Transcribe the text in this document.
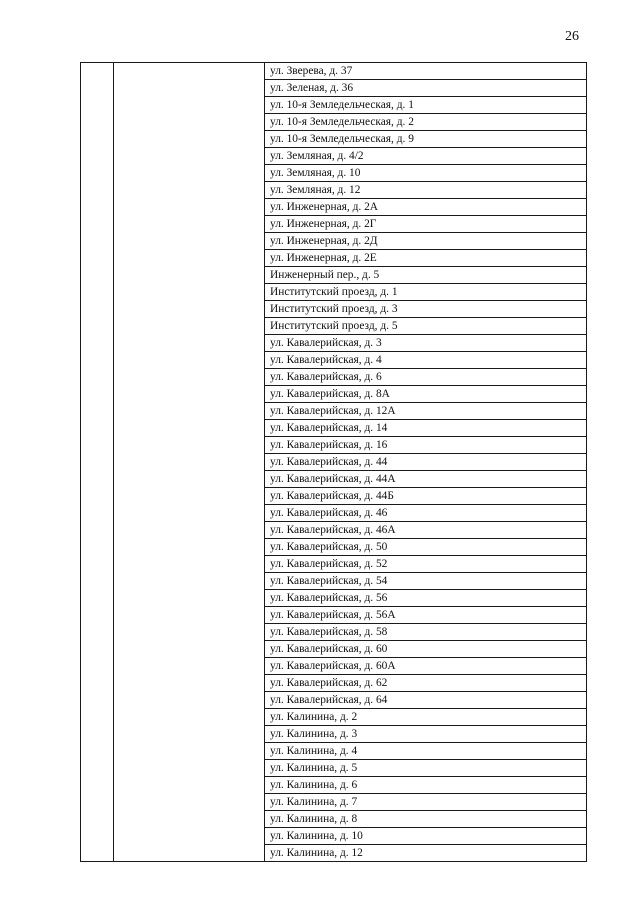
26
		ул. Зверева, д. 37
ул. Зеленая, д. 36
ул. 10-я Земледельческая, д. 1
ул. 10-я Земледельческая, д. 2
ул. 10-я Земледельческая, д. 9
ул. Земляная, д. 4/2
ул. Земляная, д. 10
ул. Земляная, д. 12
ул. Инженерная, д. 2А
ул. Инженерная, д. 2Г
ул. Инженерная, д. 2Д
ул. Инженерная, д. 2Е
Инженерный пер., д. 5
Институтский проезд, д. 1
Институтский проезд, д. 3
Институтский проезд, д. 5
ул. Кавалерийская, д. 3
ул. Кавалерийская, д. 4
ул. Кавалерийская, д. 6
ул. Кавалерийская, д. 8А
ул. Кавалерийская, д. 12А
ул. Кавалерийская, д. 14
ул. Кавалерийская, д. 16
ул. Кавалерийская, д. 44
ул. Кавалерийская, д. 44А
ул. Кавалерийская, д. 44Б
ул. Кавалерийская, д. 46
ул. Кавалерийская, д. 46А
ул. Кавалерийская, д. 50
ул. Кавалерийская, д. 52
ул. Кавалерийская, д. 54
ул. Кавалерийская, д. 56
ул. Кавалерийская, д. 56А
ул. Кавалерийская, д. 58
ул. Кавалерийская, д. 60
ул. Кавалерийская, д. 60А
ул. Кавалерийская, д. 62
ул. Кавалерийская, д. 64
ул. Калинина, д. 2
ул. Калинина, д. 3
ул. Калинина, д. 4
ул. Калинина, д. 5
ул. Калинина, д. 6
ул. Калинина, д. 7
ул. Калинина, д. 8
ул. Калинина, д. 10
ул. Калинина, д. 12
